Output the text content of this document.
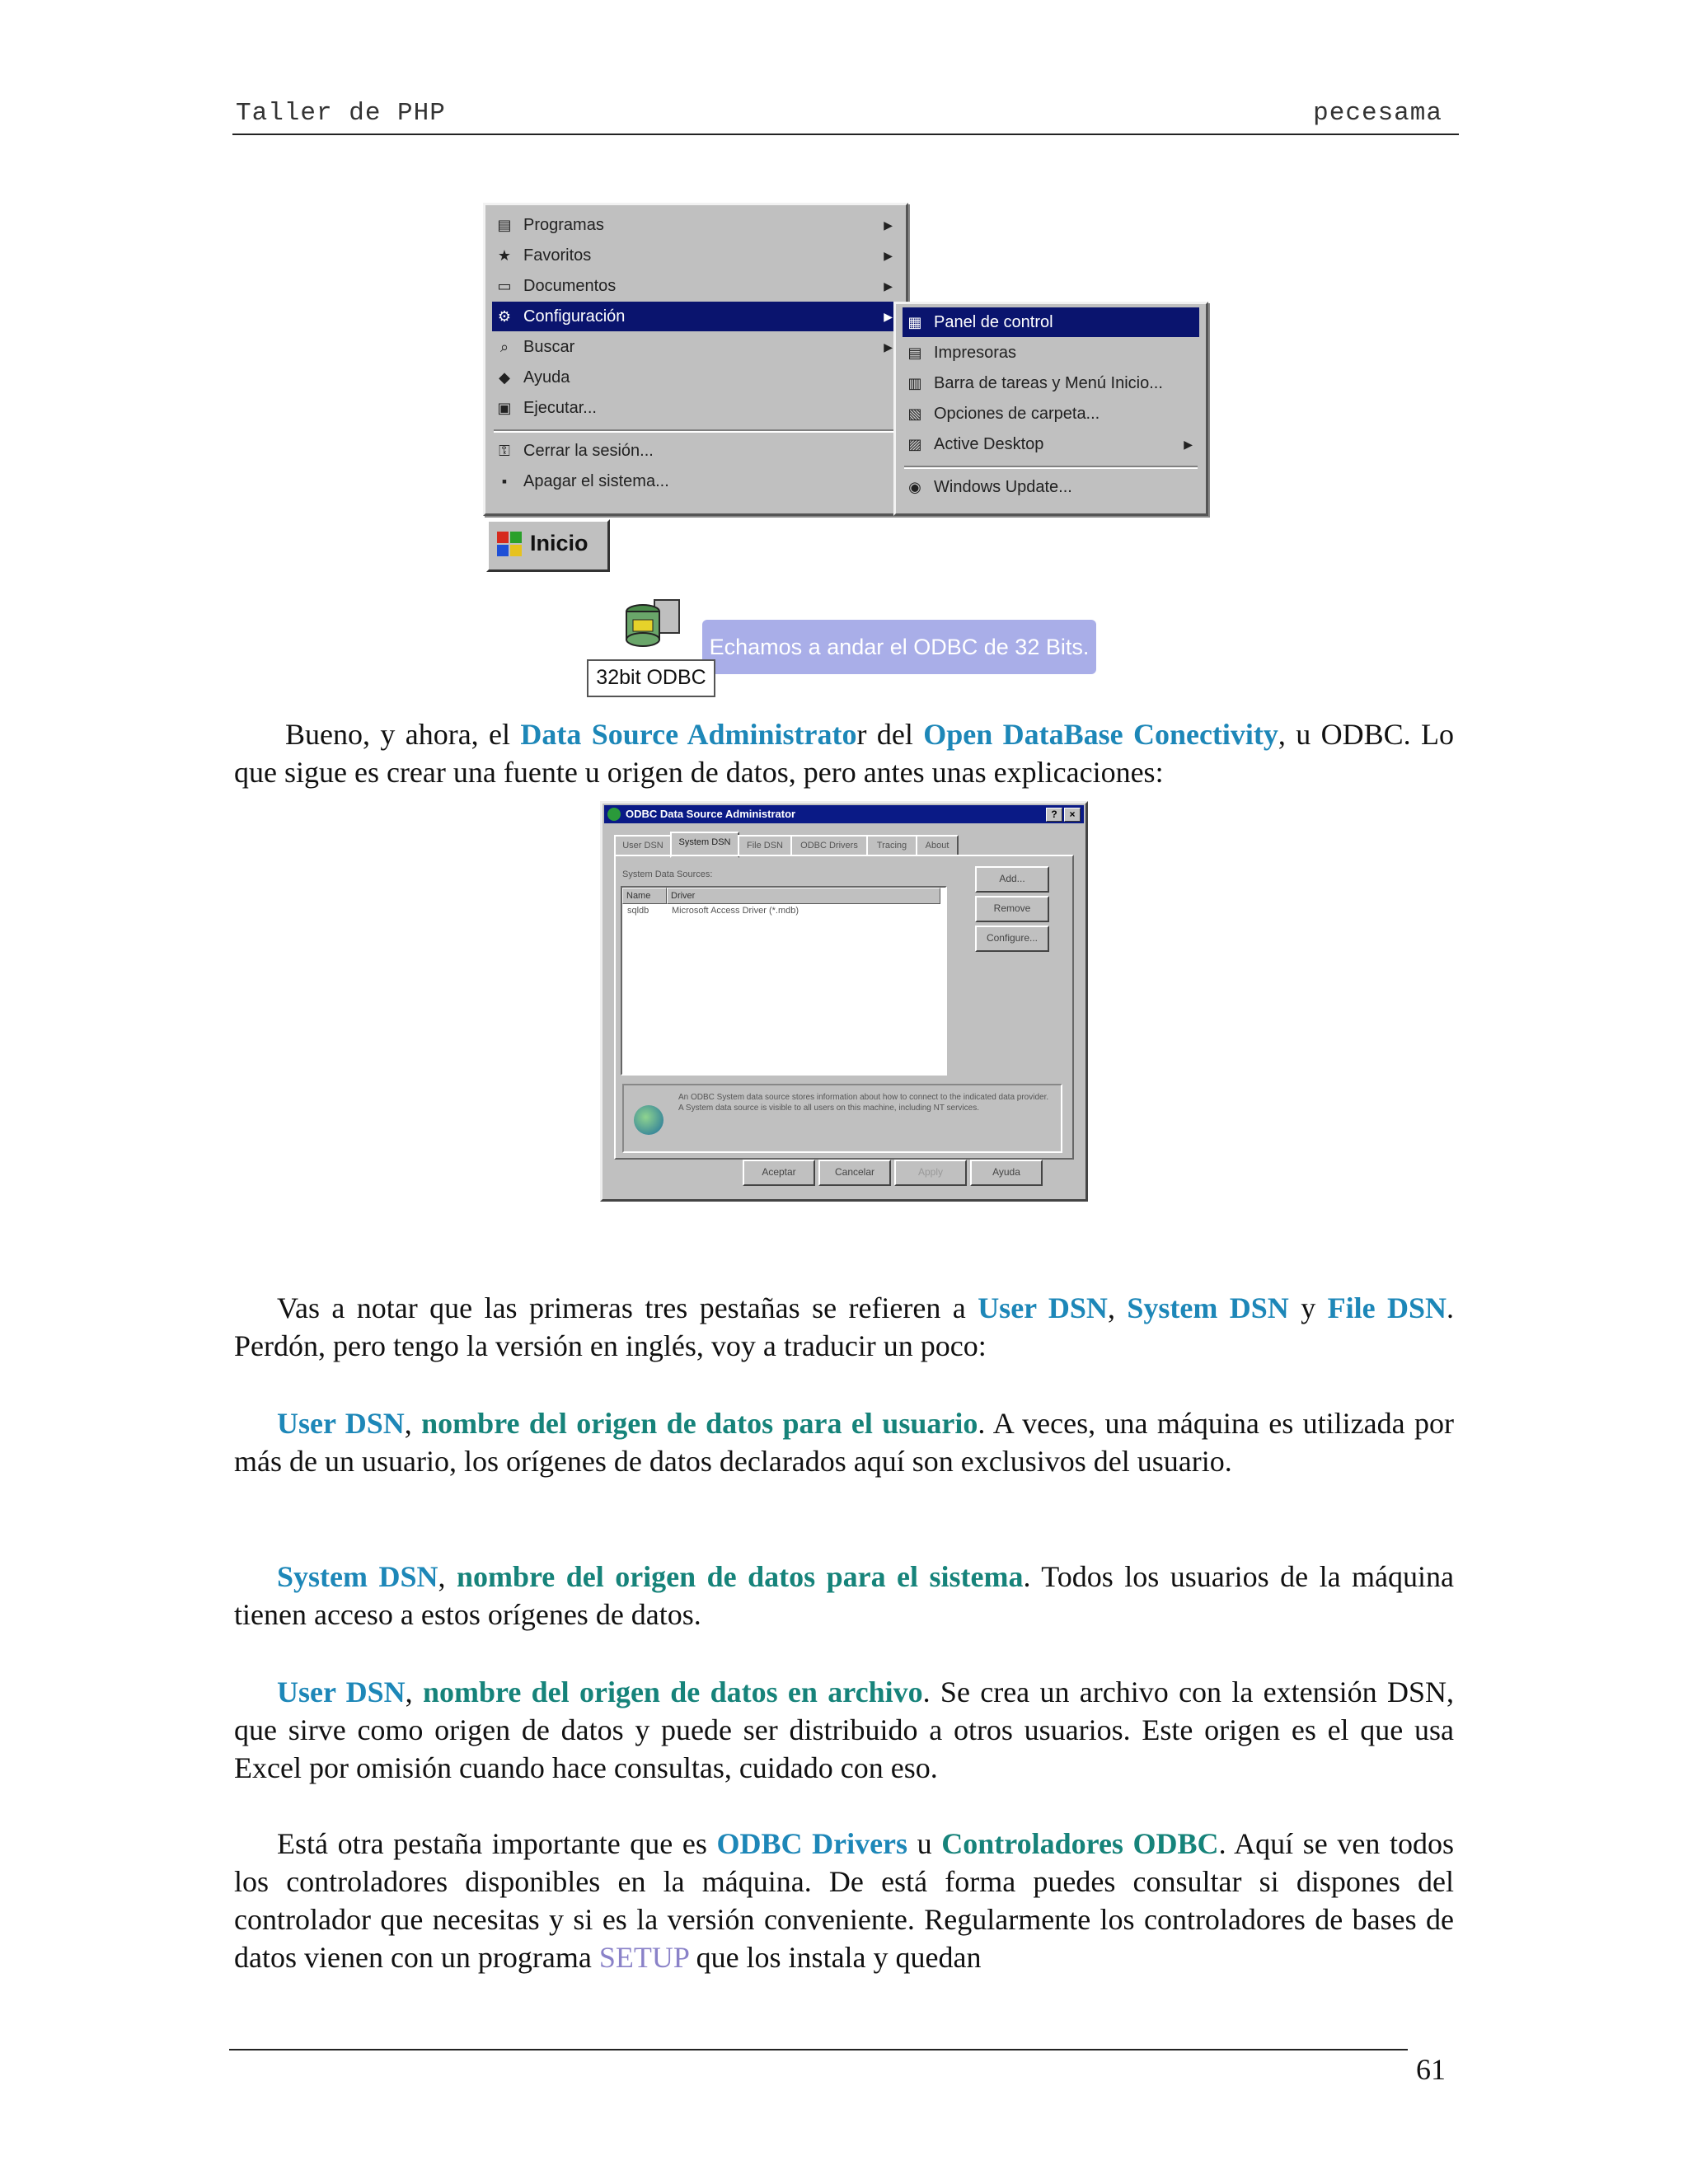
Taller de PHP	pecesama
▤ Programas	▶
★ Favoritos	▶
▭ Documentos	▶
⚙ Configuración	▶
⌕ Buscar	▶
◆ Ayuda
▣ Ejecutar...
⚿ Cerrar la sesión...
▪ Apagar el sistema...
▦ Panel de control
▤ Impresoras
▥ Barra de tareas y Menú Inicio...
▧ Opciones de carpeta...
▨ Active Desktop	▶
◉ Windows Update...
Inicio
Echamos a andar el ODBC de 32 Bits.
32bit ODBC

Bueno, y ahora, el Data Source Administrator del Open DataBase Conectivity, u ODBC. Lo que sigue es crear una fuente u origen de datos, pero antes unas explicaciones:

ODBC Data Source Administrator	?	×
User DSN	System DSN	File DSN	ODBC Drivers	Tracing	About
System Data Sources:
Name	Driver
sqldb	Microsoft Access Driver (*.mdb)
Add...
Remove
Configure...
An ODBC System data source stores information about how to connect to the indicated data provider. A System data source is visible to all users on this machine, including NT services.
Aceptar	Cancelar	Apply	Ayuda

Vas a notar que las primeras tres pestañas se refieren a User DSN, System DSN y File DSN. Perdón, pero tengo la versión en inglés, voy a traducir un poco:

User DSN, nombre del origen de datos para el usuario. A veces, una máquina es utilizada por más de un usuario, los orígenes de datos declarados aquí son exclusivos del usuario.

System DSN, nombre del origen de datos para el sistema. Todos los usuarios de la máquina tienen acceso a estos orígenes de datos.

User DSN, nombre del origen de datos en archivo. Se crea un archivo con la extensión DSN, que sirve como origen de datos y puede ser distribuido a otros usuarios. Este origen es el que usa Excel por omisión cuando hace consultas, cuidado con eso.

Está otra pestaña importante que es ODBC Drivers u Controladores ODBC. Aquí se ven todos los controladores disponibles en la máquina. De está forma puedes consultar si dispones del controlador que necesitas y si es la versión conveniente. Regularmente los controladores de bases de datos vienen con un programa SETUP que los instala y quedan

61
